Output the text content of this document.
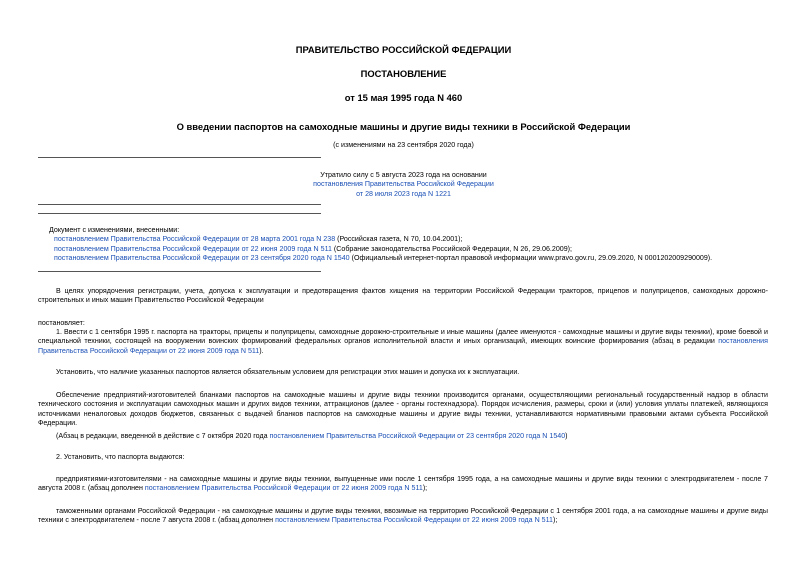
ПРАВИТЕЛЬСТВО РОССИЙСКОЙ ФЕДЕРАЦИИ
ПОСТАНОВЛЕНИЕ
от 15 мая 1995 года N 460
О введении паспортов на самоходные машины и другие виды техники в Российской Федерации
(с изменениями на 23 сентября 2020 года)
Утратило силу с 5 августа 2023 года на основании
постановления Правительства Российской Федерации
от 28 июля 2023 года N 1221
Документ с изменениями, внесенными:
постановлением Правительства Российской Федерации от 28 марта 2001 года N 238 (Российская газета, N 70, 10.04.2001);
постановлением Правительства Российской Федерации от 22 июня 2009 года N 511 (Собрание законодательства Российской Федерации, N 26, 29.06.2009);
постановлением Правительства Российской Федерации от 23 сентября 2020 года N 1540 (Официальный интернет-портал правовой информации www.pravo.gov.ru, 29.09.2020, N 0001202009290009).
В целях упорядочения регистрации, учета, допуска к эксплуатации и предотвращения фактов хищения на территории Российской Федерации тракторов, прицепов и полуприцепов, самоходных дорожно-строительных и иных машин Правительство Российской Федерации
постановляет:
1. Ввести с 1 сентября 1995 г. паспорта на тракторы, прицепы и полуприцепы, самоходные дорожно-строительные и иные машины (далее именуются - самоходные машины и другие виды техники), кроме боевой и специальной техники, состоящей на вооружении воинских формирований федеральных органов исполнительной власти и иных организаций, имеющих воинские формирования (абзац в редакции постановления Правительства Российской Федерации от 22 июня 2009 года N 511).
Установить, что наличие указанных паспортов является обязательным условием для регистрации этих машин и допуска их к эксплуатации.
Обеспечение предприятий-изготовителей бланками паспортов на самоходные машины и другие виды техники производится органами, осуществляющими региональный государственный надзор в области технического состояния и эксплуатации самоходных машин и других видов техники, аттракционов (далее - органы гостехнадзора). Порядок исчисления, размеры, сроки и (или) условия уплаты платежей, являющихся источниками неналоговых доходов бюджетов, связанных с выдачей бланков паспортов на самоходные машины и другие виды техники, устанавливаются нормативными правовыми актами субъекта Российской Федерации.
(Абзац в редакции, введенной в действие с 7 октября 2020 года постановлением Правительства Российской Федерации от 23 сентября 2020 года N 1540)
2. Установить, что паспорта выдаются:
предприятиями-изготовителями - на самоходные машины и другие виды техники, выпущенные ими после 1 сентября 1995 года, а на самоходные машины и другие виды техники с электродвигателем - после 7 августа 2008 г. (абзац дополнен постановлением Правительства Российской Федерации от 22 июня 2009 года N 511);
таможенными органами Российской Федерации - на самоходные машины и другие виды техники, ввозимые на территорию Российской Федерации с 1 сентября 2001 года, а на самоходные машины и другие виды техники с электродвигателем - после 7 августа 2008 г. (абзац дополнен постановлением Правительства Российской Федерации от 22 июня 2009 года N 511);
